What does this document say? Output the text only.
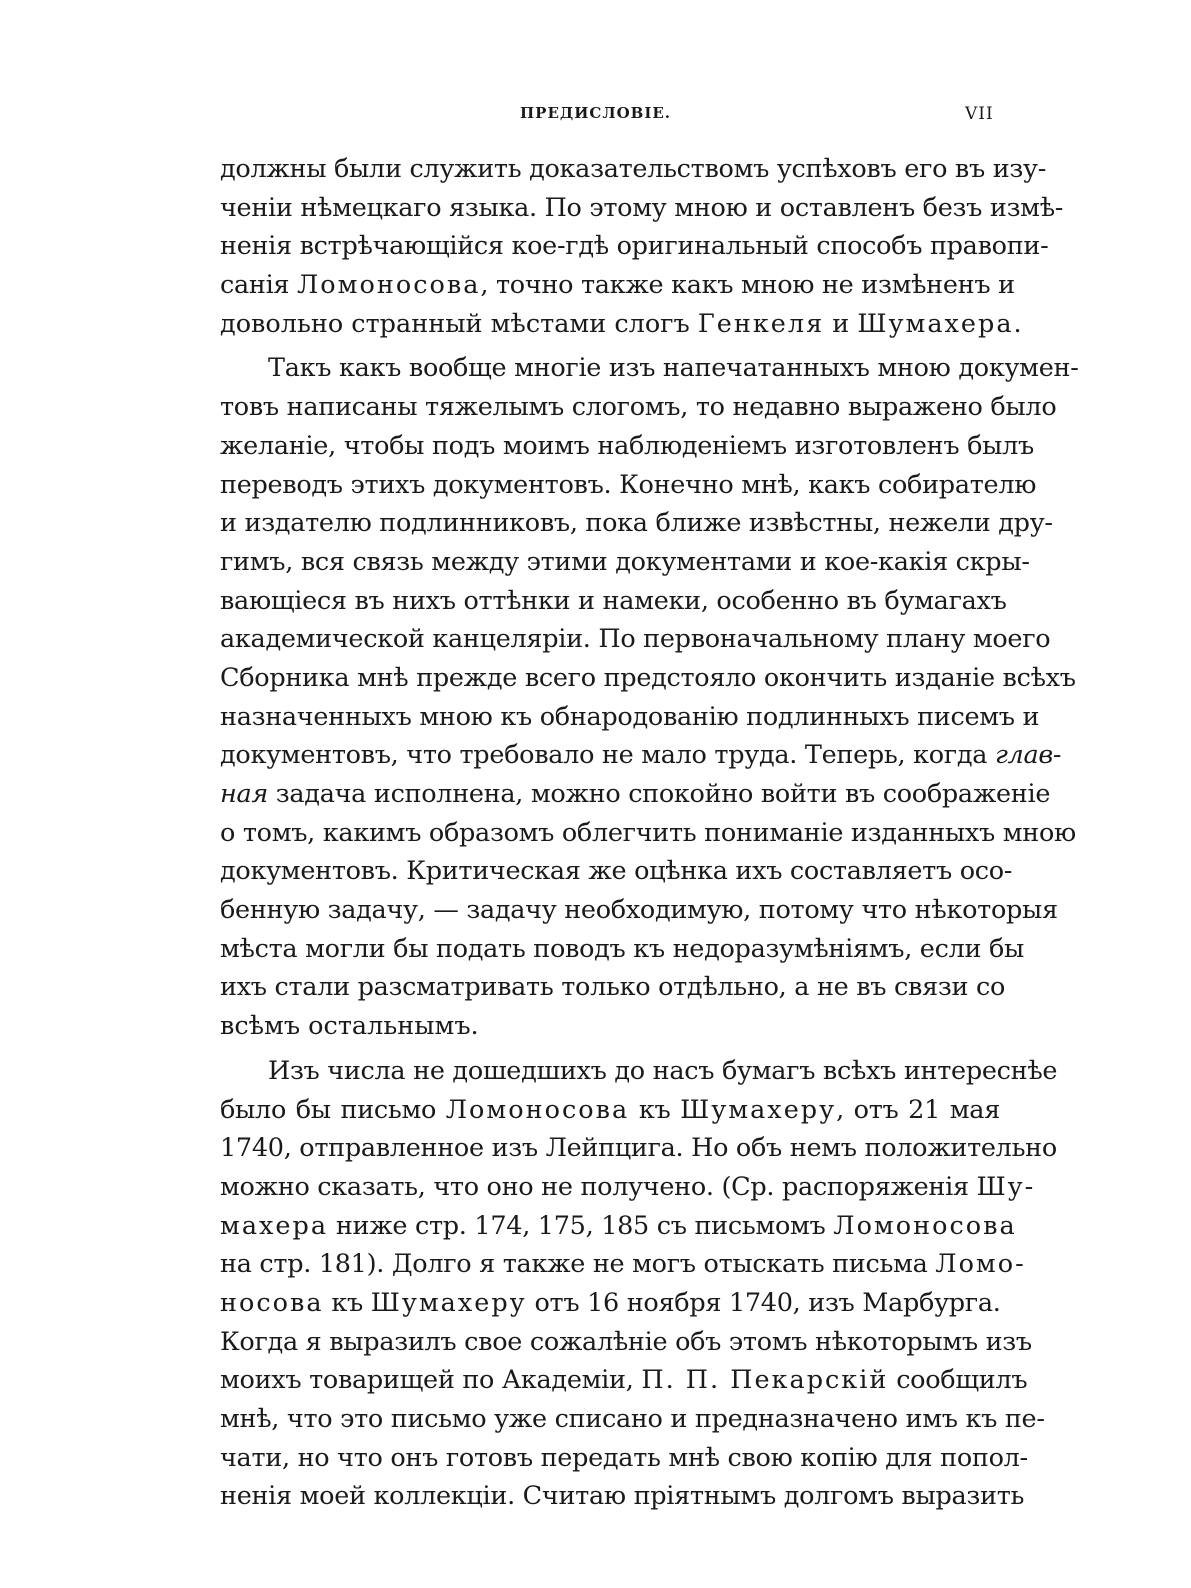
ПРЕДИСЛОВІЕ.	VII
должны были служить доказательствомъ успѣховъ его въ изу-
ченіи нѣмецкаго языка. По этому мною и оставленъ безъ измѣ-
ненія встрѣчающійся кое-гдѣ оригинальный способъ правопи-
санія Ломоносова, точно также какъ мною не измѣненъ и
довольно странный мѣстами слогъ Генкеля и Шумахера.
Такъ какъ вообще многіе изъ напечатанныхъ мною докумен-
товъ написаны тяжелымъ слогомъ, то недавно выражено было
желаніе, чтобы подъ моимъ наблюденіемъ изготовленъ былъ
переводъ этихъ документовъ. Конечно мнѣ, какъ собирателю
и издателю подлинниковъ, пока ближе извѣстны, нежели дру-
гимъ, вся связь между этими документами и кое-какія скры-
вающіеся въ нихъ оттѣнки и намеки, особенно въ бумагахъ
академической канцеляріи. По первоначальному плану моего
Сборника мнѣ прежде всего предстояло окончить изданіе всѣхъ
назначенныхъ мною къ обнародованію подлинныхъ писемъ и
документовъ, что требовало не мало труда. Теперь, когда глав-
ная задача исполнена, можно спокойно войти въ соображеніе
о томъ, какимъ образомъ облегчить пониманіе изданныхъ мною
документовъ. Критическая же оцѣнка ихъ составляетъ осо-
бенную задачу, — задачу необходимую, потому что нѣкоторыя
мѣста могли бы подать поводъ къ недоразумѣніямъ, если бы
ихъ стали разсматривать только отдѣльно, а не въ связи со
всѣмъ остальнымъ.
Изъ числа не дошедшихъ до насъ бумагъ всѣхъ интереснѣе
было бы письмо Ломоносова къ Шумахеру, отъ 21 мая
1740, отправленное изъ Лейпцига. Но объ немъ положительно
можно сказать, что оно не получено. (Ср. распоряженія Шу-
махера ниже стр. 174, 175, 185 съ письмомъ Ломоносова
на стр. 181). Долго я также не могъ отыскать письма Ломо-
носова къ Шумахеру отъ 16 ноября 1740, изъ Марбурга.
Когда я выразилъ свое сожалѣніе объ этомъ нѣкоторымъ изъ
моихъ товарищей по Академіи, П. П. Пекарскій сообщилъ
мнѣ, что это письмо уже списано и предназначено имъ къ пе-
чати, но что онъ готовъ передать мнѣ свою копію для попол-
ненія моей коллекціи. Считаю пріятнымъ долгомъ выразить
